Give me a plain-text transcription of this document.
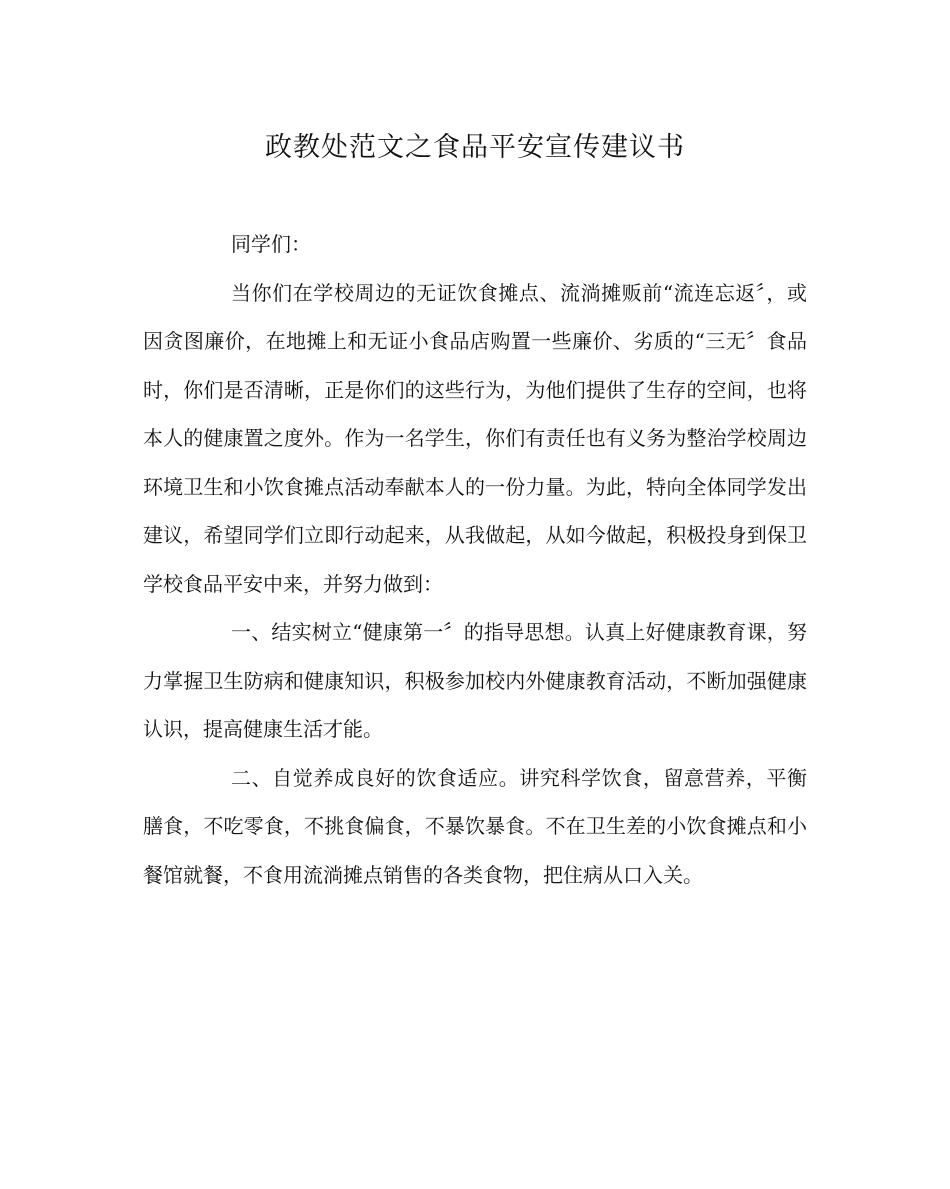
政教处范文之食品平安宣传建议书

同学们：

当你们在学校周边的无证饮食摊点、流淌摊贩前“流连忘返〞，或因贪图廉价，在地摊上和无证小食品店购置一些廉价、劣质的“三无〞食品时，你们是否清晰，正是你们的这些行为，为他们提供了生存的空间，也将本人的健康置之度外。作为一名学生，你们有责任也有义务为整治学校周边环境卫生和小饮食摊点活动奉献本人的一份力量。为此，特向全体同学发出建议，希望同学们立即行动起来，从我做起，从如今做起，积极投身到保卫学校食品平安中来，并努力做到：

一、结实树立“健康第一〞的指导思想。认真上好健康教育课，努力掌握卫生防病和健康知识，积极参加校内外健康教育活动，不断加强健康认识，提高健康生活才能。

二、自觉养成良好的饮食适应。讲究科学饮食，留意营养，平衡膳食，不吃零食，不挑食偏食，不暴饮暴食。不在卫生差的小饮食摊点和小餐馆就餐，不食用流淌摊点销售的各类食物，把住病从口入关。
